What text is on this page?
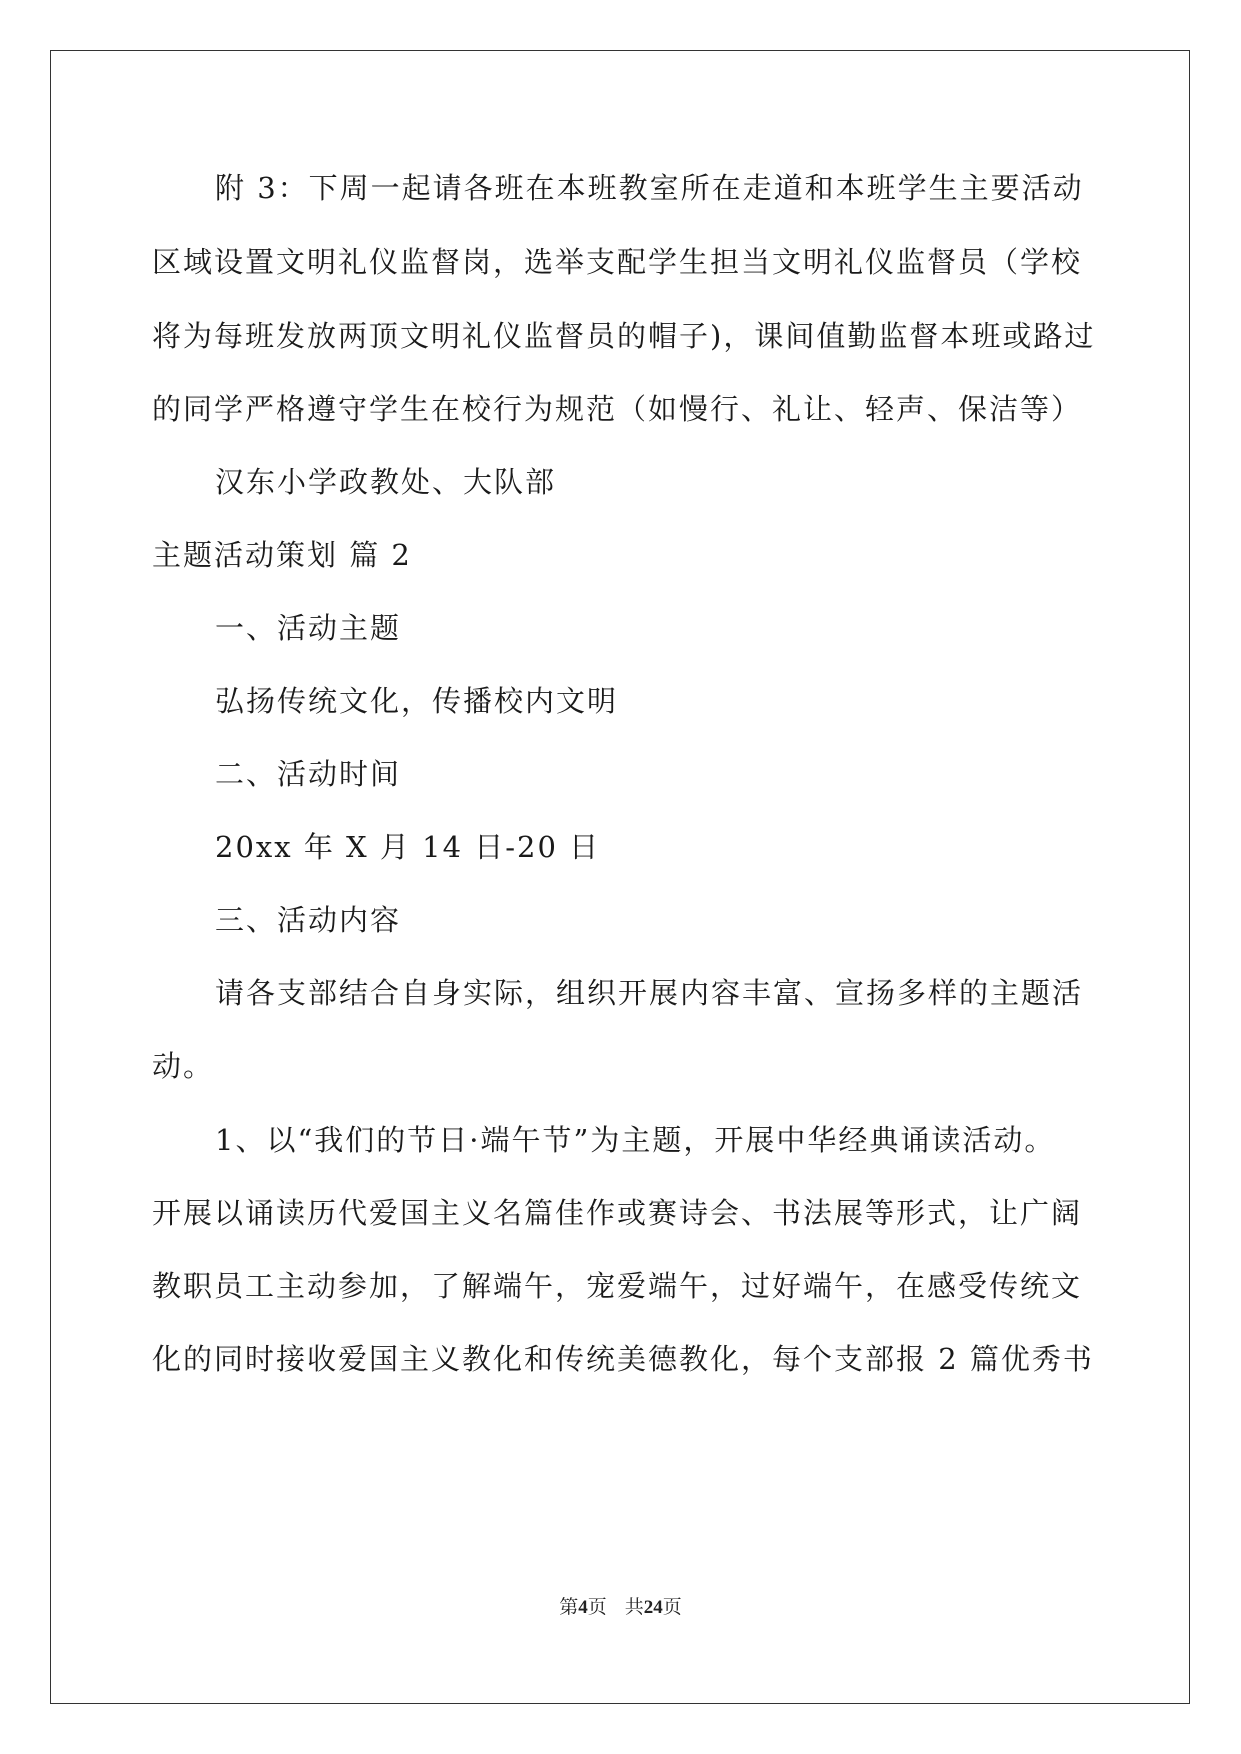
附 3：下周一起请各班在本班教室所在走道和本班学生主要活动
区域设置文明礼仪监督岗，选举支配学生担当文明礼仪监督员（学校
将为每班发放两顶文明礼仪监督员的帽子)，课间值勤监督本班或路过
的同学严格遵守学生在校行为规范（如慢行、礼让、轻声、保洁等）
汉东小学政教处、大队部
主题活动策划 篇 2
一、活动主题
弘扬传统文化，传播校内文明
二、活动时间
20xx 年 X 月 14 日-20 日
三、活动内容
请各支部结合自身实际，组织开展内容丰富、宣扬多样的主题活
动。
1、以“我们的节日·端午节”为主题，开展中华经典诵读活动。
开展以诵读历代爱国主义名篇佳作或赛诗会、书法展等形式，让广阔
教职员工主动参加，了解端午，宠爱端午，过好端午，在感受传统文
化的同时接收爱国主义教化和传统美德教化，每个支部报 2 篇优秀书
第4页 共24页
